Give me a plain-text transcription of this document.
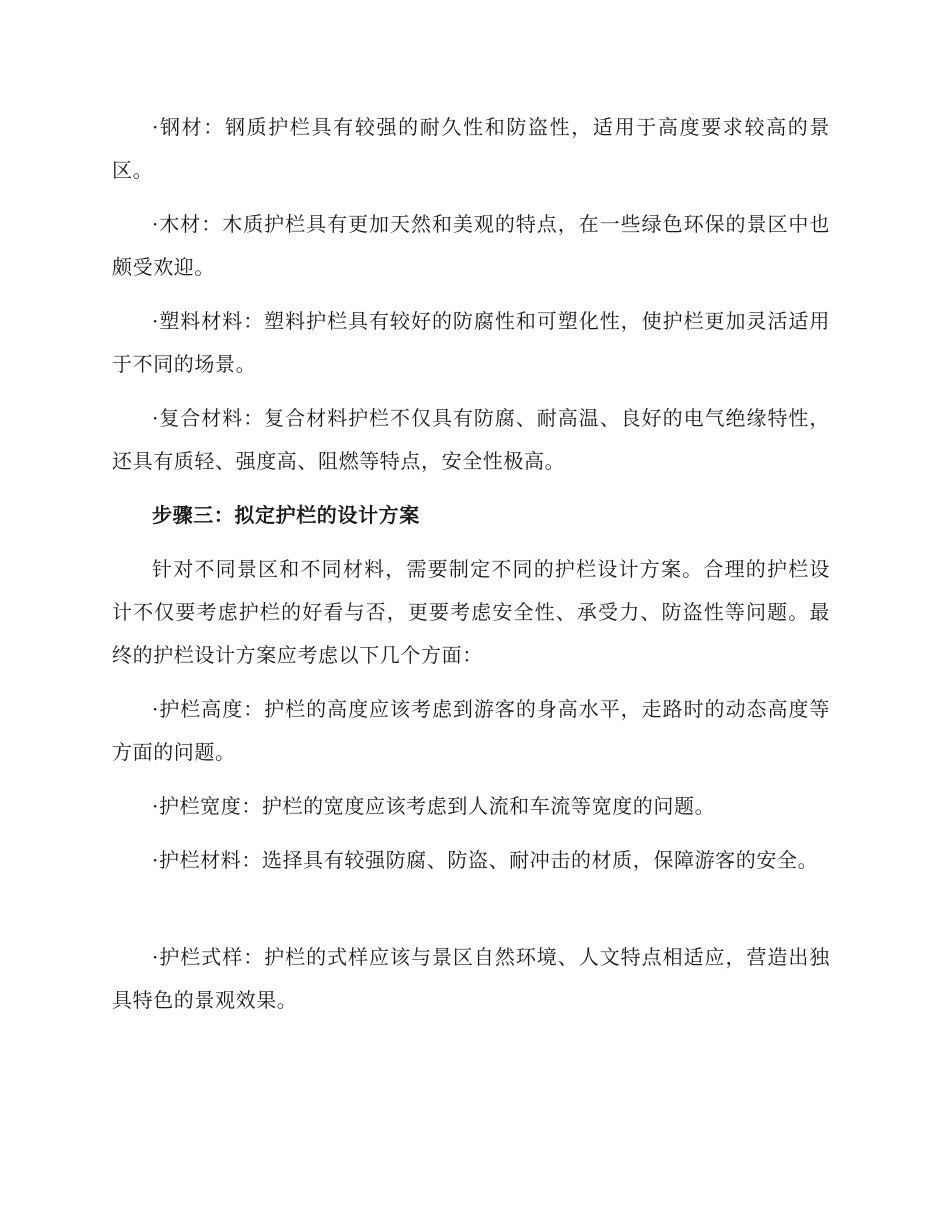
·钢材：钢质护栏具有较强的耐久性和防盗性，适用于高度要求较高的景区。

·木材：木质护栏具有更加天然和美观的特点，在一些绿色环保的景区中也颇受欢迎。

·塑料材料：塑料护栏具有较好的防腐性和可塑化性，使护栏更加灵活适用于不同的场景。

·复合材料：复合材料护栏不仅具有防腐、耐高温、良好的电气绝缘特性，还具有质轻、强度高、阻燃等特点，安全性极高。

步骤三：拟定护栏的设计方案

针对不同景区和不同材料，需要制定不同的护栏设计方案。合理的护栏设计不仅要考虑护栏的好看与否，更要考虑安全性、承受力、防盗性等问题。最终的护栏设计方案应考虑以下几个方面：

·护栏高度：护栏的高度应该考虑到游客的身高水平，走路时的动态高度等方面的问题。

·护栏宽度：护栏的宽度应该考虑到人流和车流等宽度的问题。

·护栏材料：选择具有较强防腐、防盗、耐冲击的材质，保障游客的安全。

·护栏式样：护栏的式样应该与景区自然环境、人文特点相适应，营造出独具特色的景观效果。
